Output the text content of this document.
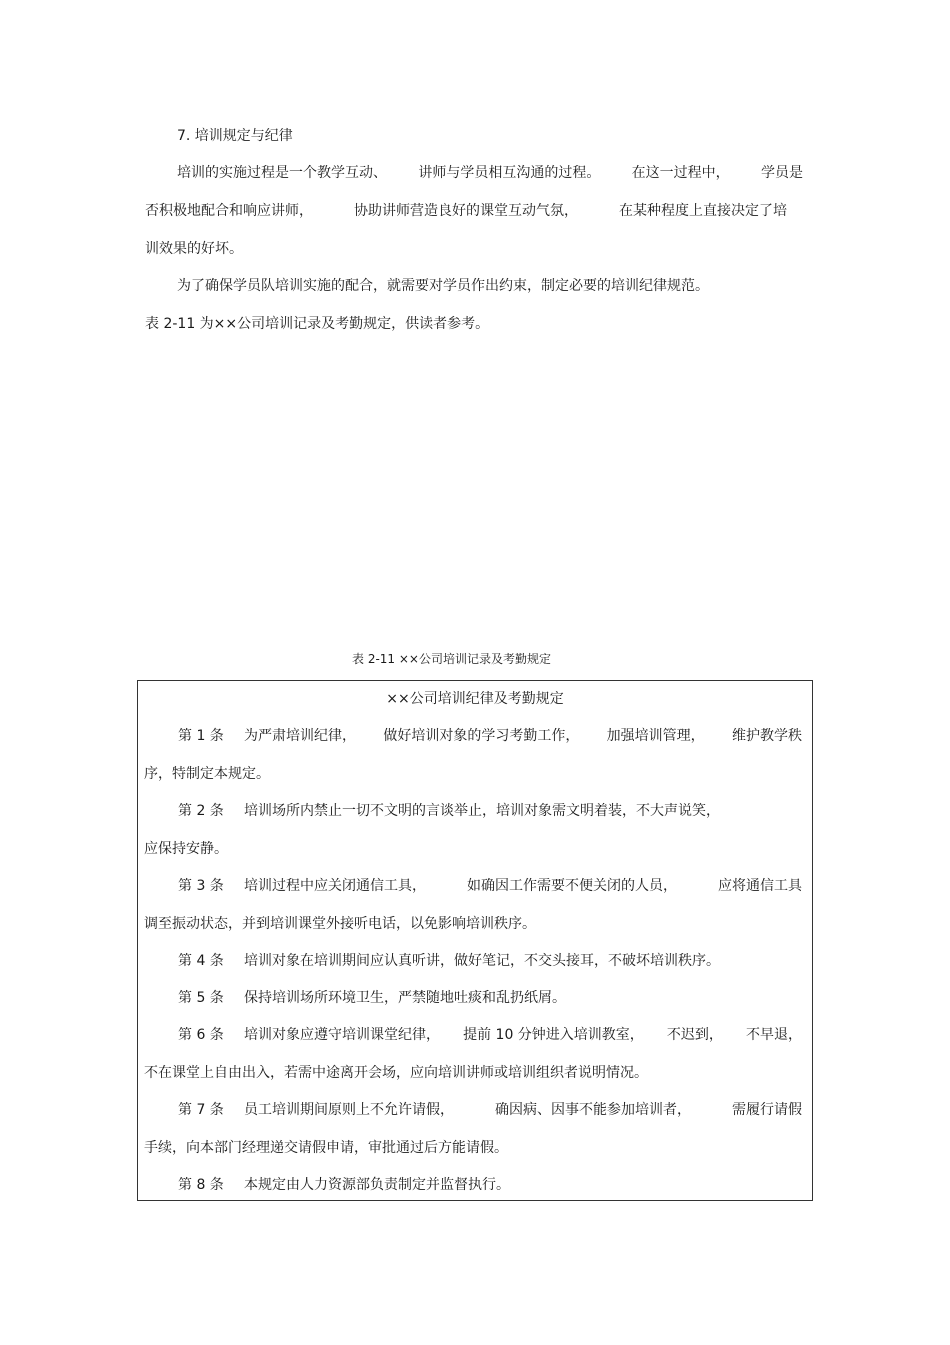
7. 培训规定与纪律
培训的实施过程是一个教学互动、 讲师与学员相互沟通的过程。 在这一过程中， 学员是
否积极地配合和响应讲师，	协助讲师营造良好的课堂互动气氛，	在某种程度上直接决定了培
训效果的好坏。
为了确保学员队培训实施的配合，就需要对学员作出约束，制定必要的培训纪律规范。
表 2-11 为××公司培训记录及考勤规定，供读者参考。
表 2-11 ××公司培训记录及考勤规定
××公司培训纪律及考勤规定
第 1 条 为严肃培训纪律， 做好培训对象的学习考勤工作， 加强培训管理， 维护教学秩
序，特制定本规定。
第 2 条 培训场所内禁止一切不文明的言谈举止，培训对象需文明着装，不大声说笑，
应保持安静。
第 3 条 培训过程中应关闭通信工具，	如确因工作需要不便关闭的人员，	应将通信工具
调至振动状态，并到培训课堂外接听电话，以免影响培训秩序。
第 4 条 培训对象在培训期间应认真听讲，做好笔记，不交头接耳，不破坏培训秩序。
第 5 条 保持培训场所环境卫生，严禁随地吐痰和乱扔纸屑。
第 6 条 培训对象应遵守培训课堂纪律， 提前 10 分钟进入培训教室， 不迟到， 不早退，
不在课堂上自由出入，若需中途离开会场，应向培训讲师或培训组织者说明情况。
第 7 条 员工培训期间原则上不允许请假，	确因病、因事不能参加培训者，	需履行请假
手续，向本部门经理递交请假申请，审批通过后方能请假。
第 8 条 本规定由人力资源部负责制定并监督执行。
